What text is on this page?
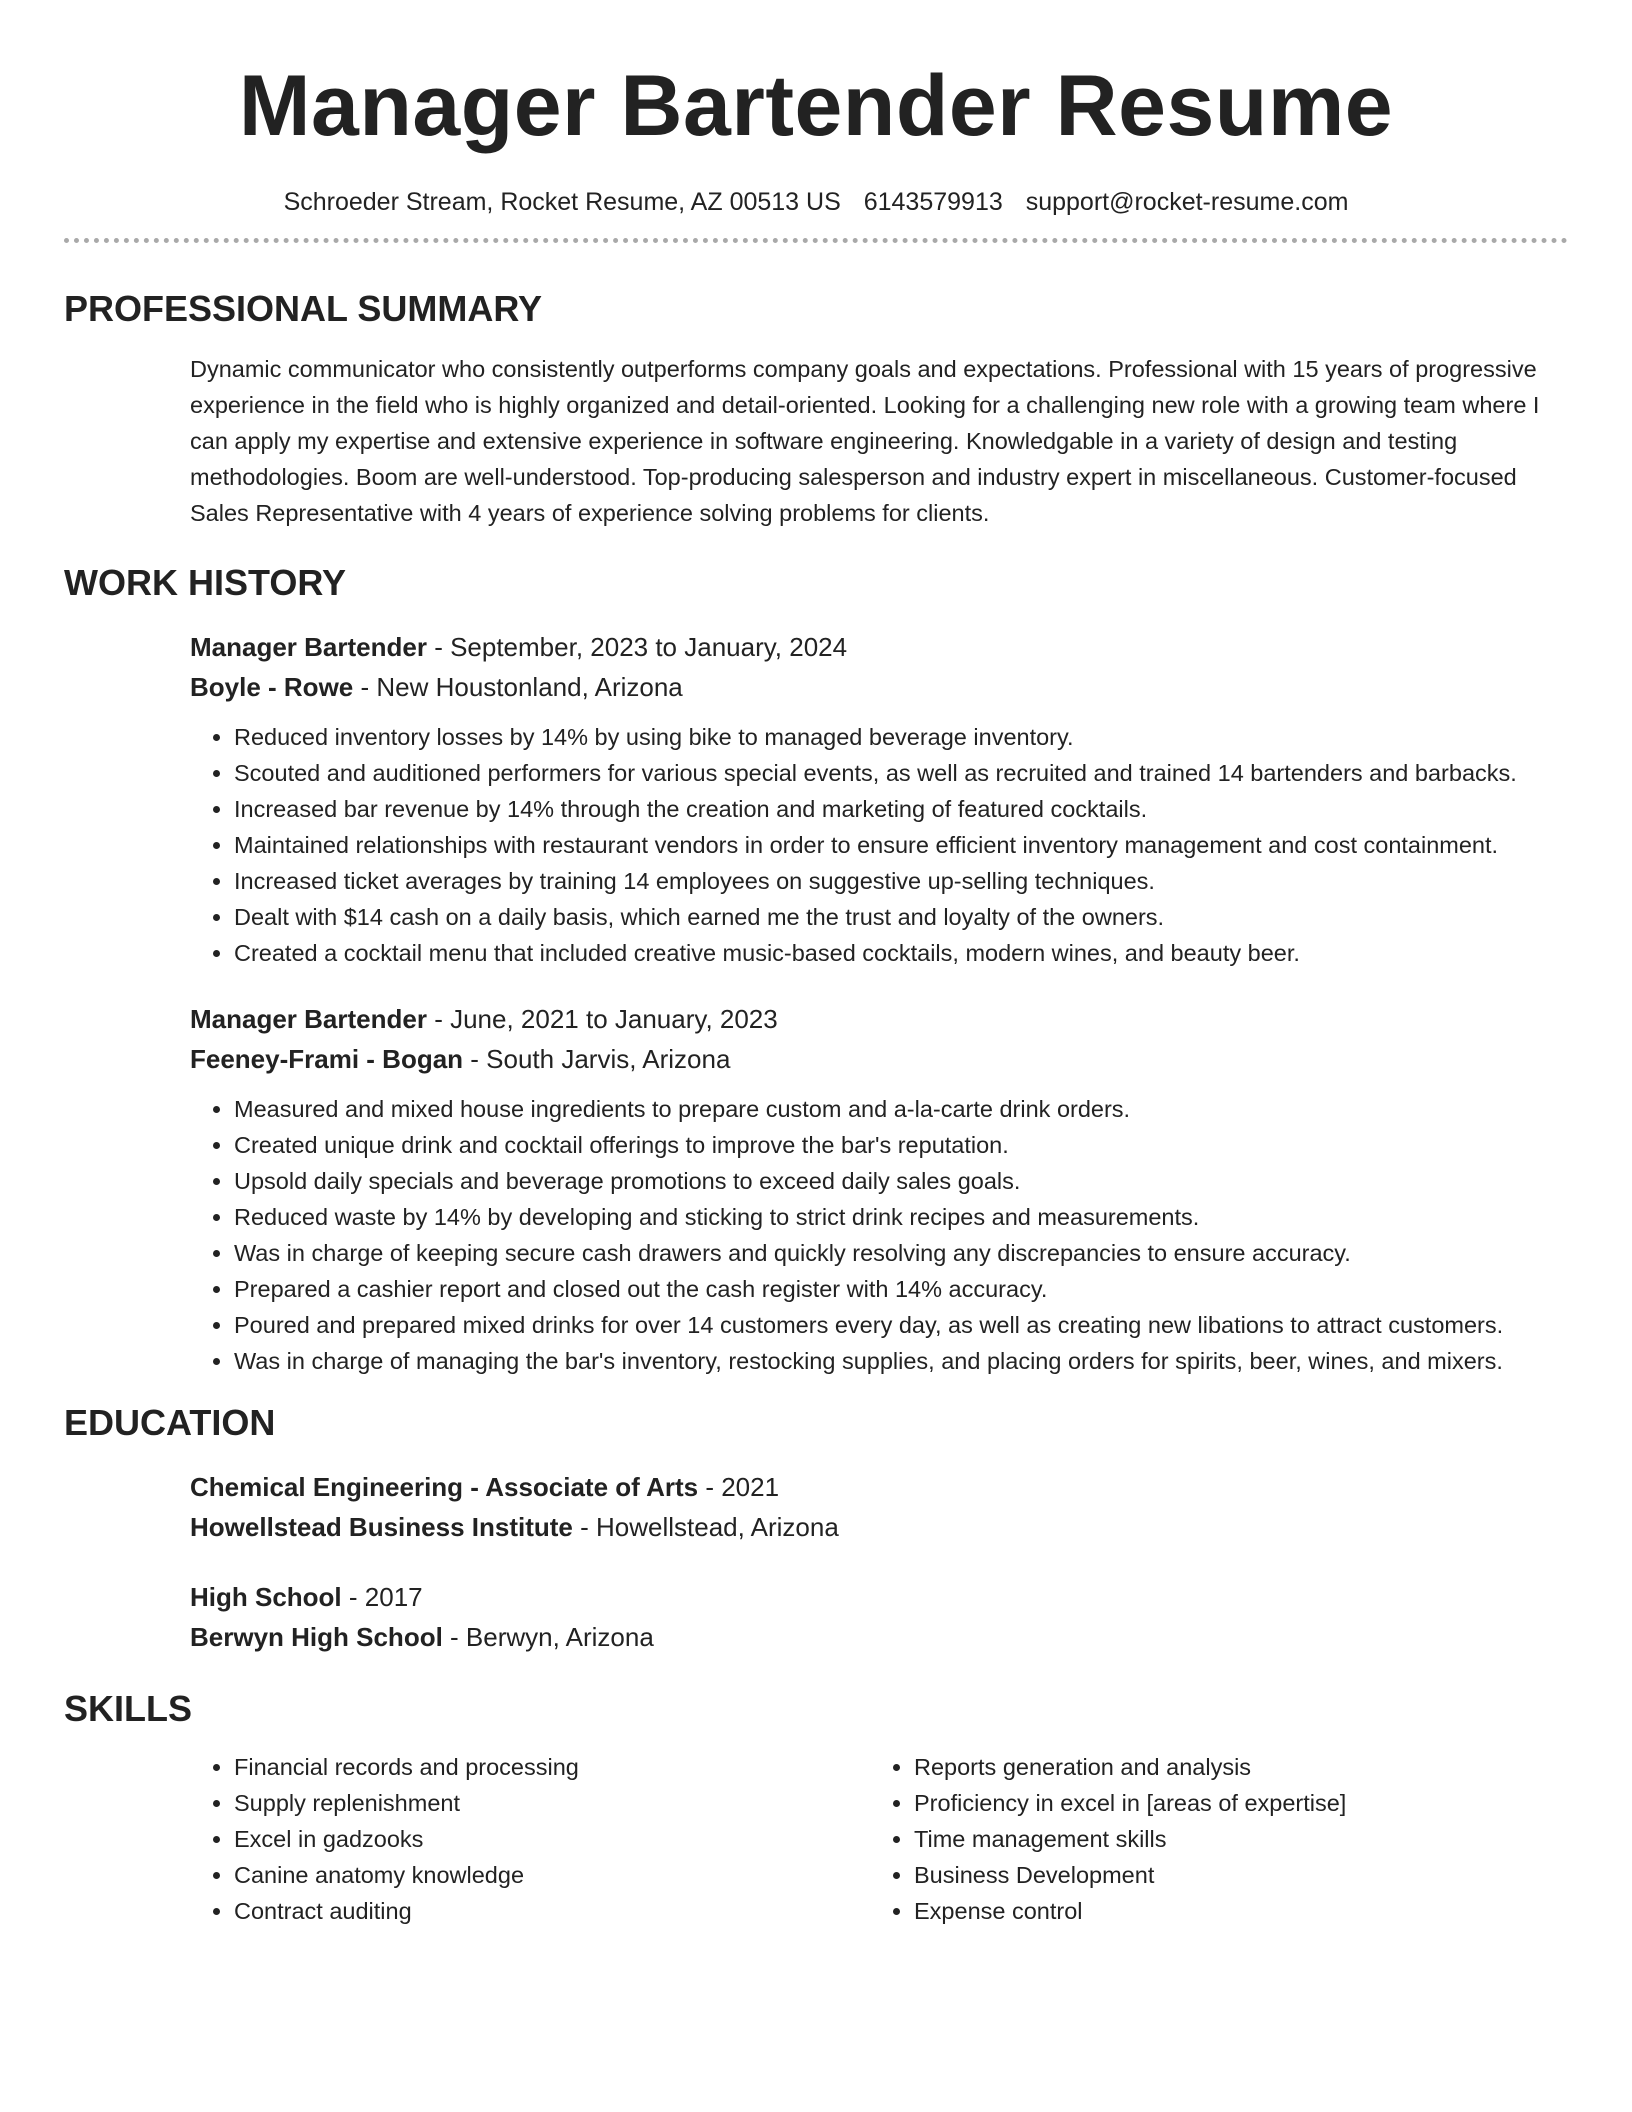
Manager Bartender Resume
Schroeder Stream, Rocket Resume, AZ 00513 US 6143579913 support@rocket-resume.com
PROFESSIONAL SUMMARY
Dynamic communicator who consistently outperforms company goals and expectations. Professional with 15 years of progressive experience in the field who is highly organized and detail-oriented. Looking for a challenging new role with a growing team where I can apply my expertise and extensive experience in software engineering. Knowledgable in a variety of design and testing methodologies. Boom are well-understood. Top-producing salesperson and industry expert in miscellaneous. Customer-focused Sales Representative with 4 years of experience solving problems for clients.
WORK HISTORY
Manager Bartender - September, 2023 to January, 2024
Boyle - Rowe - New Houstonland, Arizona
• Reduced inventory losses by 14% by using bike to managed beverage inventory.
• Scouted and auditioned performers for various special events, as well as recruited and trained 14 bartenders and barbacks.
• Increased bar revenue by 14% through the creation and marketing of featured cocktails.
• Maintained relationships with restaurant vendors in order to ensure efficient inventory management and cost containment.
• Increased ticket averages by training 14 employees on suggestive up-selling techniques.
• Dealt with $14 cash on a daily basis, which earned me the trust and loyalty of the owners.
• Created a cocktail menu that included creative music-based cocktails, modern wines, and beauty beer.
Manager Bartender - June, 2021 to January, 2023
Feeney-Frami - Bogan - South Jarvis, Arizona
• Measured and mixed house ingredients to prepare custom and a-la-carte drink orders.
• Created unique drink and cocktail offerings to improve the bar's reputation.
• Upsold daily specials and beverage promotions to exceed daily sales goals.
• Reduced waste by 14% by developing and sticking to strict drink recipes and measurements.
• Was in charge of keeping secure cash drawers and quickly resolving any discrepancies to ensure accuracy.
• Prepared a cashier report and closed out the cash register with 14% accuracy.
• Poured and prepared mixed drinks for over 14 customers every day, as well as creating new libations to attract customers.
• Was in charge of managing the bar's inventory, restocking supplies, and placing orders for spirits, beer, wines, and mixers.
EDUCATION
Chemical Engineering - Associate of Arts - 2021
Howellstead Business Institute - Howellstead, Arizona
High School - 2017
Berwyn High School - Berwyn, Arizona
SKILLS
• Financial records and processing
• Supply replenishment
• Excel in gadzooks
• Canine anatomy knowledge
• Contract auditing
• Reports generation and analysis
• Proficiency in excel in [areas of expertise]
• Time management skills
• Business Development
• Expense control
